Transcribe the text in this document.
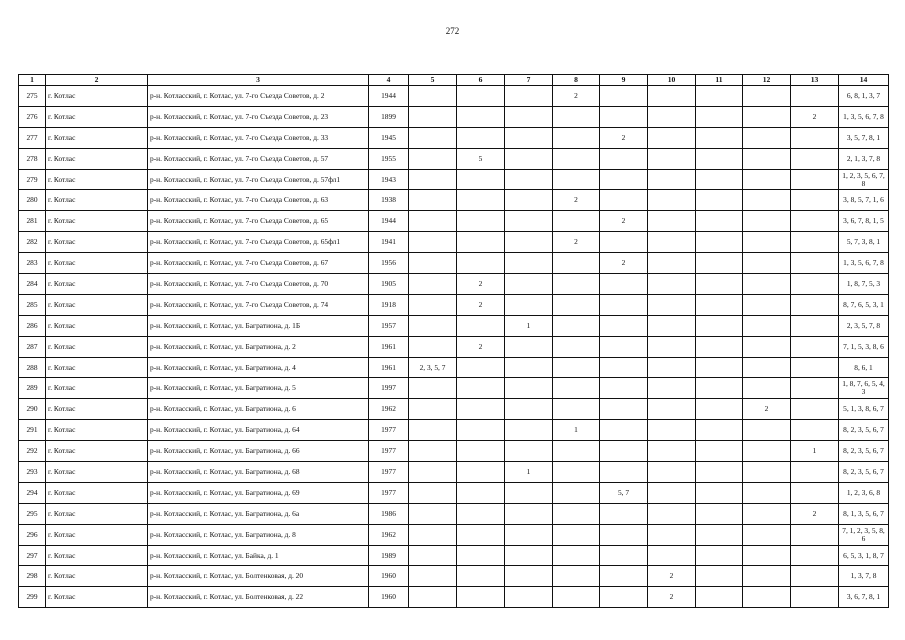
272
1	2	3	4	5	6	7	8	9	10	11	12	13	14
275	г. Котлас	р-н. Котласский, г. Котлас, ул. 7-го Съезда Советов, д. 2	1944				2						6, 8, 1, 3, 7
276	г. Котлас	р-н. Котласский, г. Котлас, ул. 7-го Съезда Советов, д. 23	1899									2	1, 3, 5, 6, 7, 8
277	г. Котлас	р-н. Котласский, г. Котлас, ул. 7-го Съезда Советов, д. 33	1945					2					3, 5, 7, 8, 1
278	г. Котлас	р-н. Котласский, г. Котлас, ул. 7-го Съезда Советов, д. 57	1955		5								2, 1, 3, 7, 8
279	г. Котлас	р-н. Котласский, г. Котлас, ул. 7-го Съезда Советов, д. 57фл1	1943										1, 2, 3, 5, 6, 7, 8
280	г. Котлас	р-н. Котласский, г. Котлас, ул. 7-го Съезда Советов, д. 63	1938				2						3, 8, 5, 7, 1, 6
281	г. Котлас	р-н. Котласский, г. Котлас, ул. 7-го Съезда Советов, д. 65	1944					2					3, 6, 7, 8, 1, 5
282	г. Котлас	р-н. Котласский, г. Котлас, ул. 7-го Съезда Советов, д. 65фл1	1941				2						5, 7, 3, 8, 1
283	г. Котлас	р-н. Котласский, г. Котлас, ул. 7-го Съезда Советов, д. 67	1956					2					1, 3, 5, 6, 7, 8
284	г. Котлас	р-н. Котласский, г. Котлас, ул. 7-го Съезда Советов, д. 70	1905		2								1, 8, 7, 5, 3
285	г. Котлас	р-н. Котласский, г. Котлас, ул. 7-го Съезда Советов, д. 74	1918		2								8, 7, 6, 5, 3, 1
286	г. Котлас	р-н. Котласский, г. Котлас, ул. Багратиона, д. 1Б	1957			1							2, 3, 5, 7, 8
287	г. Котлас	р-н. Котласский, г. Котлас, ул. Багратиона, д. 2	1961		2								7, 1, 5, 3, 8, 6
288	г. Котлас	р-н. Котласский, г. Котлас, ул. Багратиона, д. 4	1961	2, 3, 5, 7									8, 6, 1
289	г. Котлас	р-н. Котласский, г. Котлас, ул. Багратиона, д. 5	1997										1, 8, 7, 6, 5, 4, 3
290	г. Котлас	р-н. Котласский, г. Котлас, ул. Багратиона, д. 6	1962								2		5, 1, 3, 8, 6, 7
291	г. Котлас	р-н. Котласский, г. Котлас, ул. Багратиона, д. 64	1977				1						8, 2, 3, 5, 6, 7
292	г. Котлас	р-н. Котласский, г. Котлас, ул. Багратиона, д. 66	1977									1	8, 2, 3, 5, 6, 7
293	г. Котлас	р-н. Котласский, г. Котлас, ул. Багратиона, д. 68	1977			1							8, 2, 3, 5, 6, 7
294	г. Котлас	р-н. Котласский, г. Котлас, ул. Багратиона, д. 69	1977					5, 7					1, 2, 3, 6, 8
295	г. Котлас	р-н. Котласский, г. Котлас, ул. Багратиона, д. 6а	1986									2	8, 1, 3, 5, 6, 7
296	г. Котлас	р-н. Котласский, г. Котлас, ул. Багратиона, д. 8	1962										7, 1, 2, 3, 5, 8, 6
297	г. Котлас	р-н. Котласский, г. Котлас, ул. Байка, д. 1	1989										6, 5, 3, 1, 8, 7
298	г. Котлас	р-н. Котласский, г. Котлас, ул. Болтенковая, д. 20	1960						2				1, 3, 7, 8
299	г. Котлас	р-н. Котласский, г. Котлас, ул. Болтенковая, д. 22	1960						2				3, 6, 7, 8, 1
